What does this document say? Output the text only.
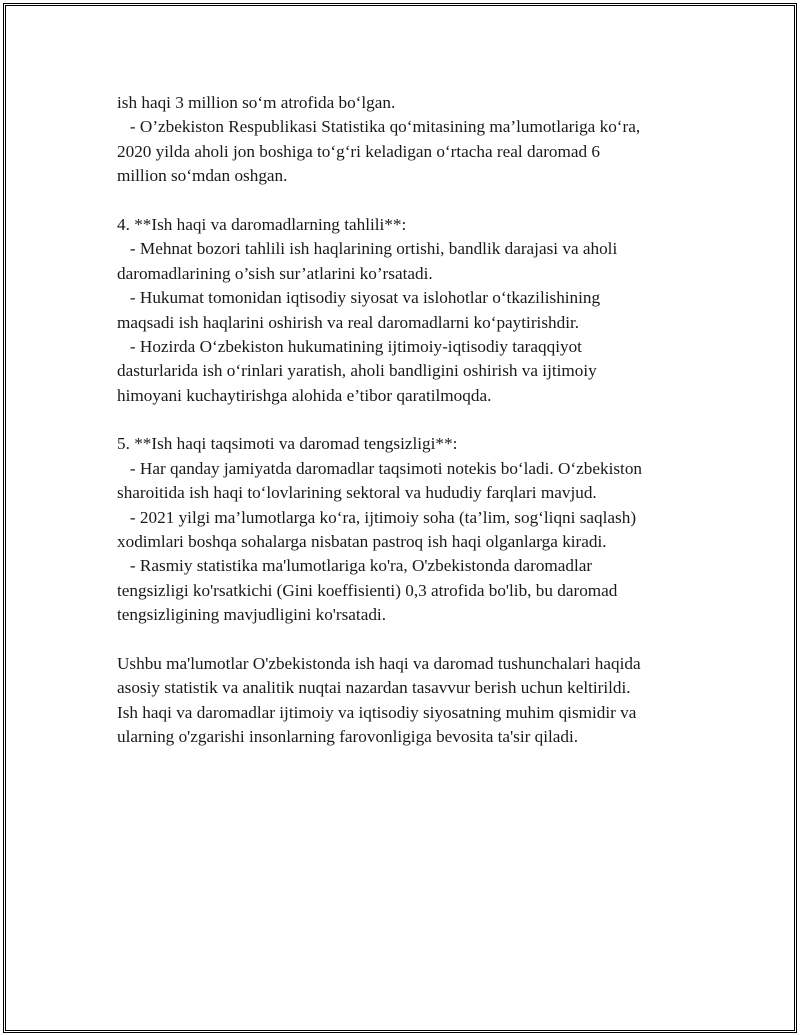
ish haqi 3 million so‘m atrofida bo‘lgan.
- O’zbekiston Respublikasi Statistika qo‘mitasining ma’lumotlariga ko‘ra,
2020 yilda aholi jon boshiga to‘g‘ri keladigan o‘rtacha real daromad 6
million so‘mdan oshgan.
4. **Ish haqi va daromadlarning tahlili**:
- Mehnat bozori tahlili ish haqlarining ortishi, bandlik darajasi va aholi
daromadlarining o’sish sur’atlarini ko’rsatadi.
- Hukumat tomonidan iqtisodiy siyosat va islohotlar o‘tkazilishining
maqsadi ish haqlarini oshirish va real daromadlarni ko‘paytirishdir.
- Hozirda O‘zbekiston hukumatining ijtimoiy-iqtisodiy taraqqiyot
dasturlarida ish o‘rinlari yaratish, aholi bandligini oshirish va ijtimoiy
himoyani kuchaytirishga alohida e’tibor qaratilmoqda.
5. **Ish haqi taqsimoti va daromad tengsizligi**:
- Har qanday jamiyatda daromadlar taqsimoti notekis bo‘ladi. O‘zbekiston
sharoitida ish haqi to‘lovlarining sektoral va hududiy farqlari mavjud.
- 2021 yilgi ma’lumotlarga ko‘ra, ijtimoiy soha (ta’lim, sog‘liqni saqlash)
xodimlari boshqa sohalarga nisbatan pastroq ish haqi olganlarga kiradi.
- Rasmiy statistika ma'lumotlariga ko'ra, O'zbekistonda daromadlar
tengsizligi ko'rsatkichi (Gini koeffisienti) 0,3 atrofida bo'lib, bu daromad
tengsizligining mavjudligini ko'rsatadi.
Ushbu ma'lumotlar O'zbekistonda ish haqi va daromad tushunchalari haqida
asosiy statistik va analitik nuqtai nazardan tasavvur berish uchun keltirildi.
Ish haqi va daromadlar ijtimoiy va iqtisodiy siyosatning muhim qismidir va
ularning o'zgarishi insonlarning farovonligiga bevosita ta'sir qiladi.
